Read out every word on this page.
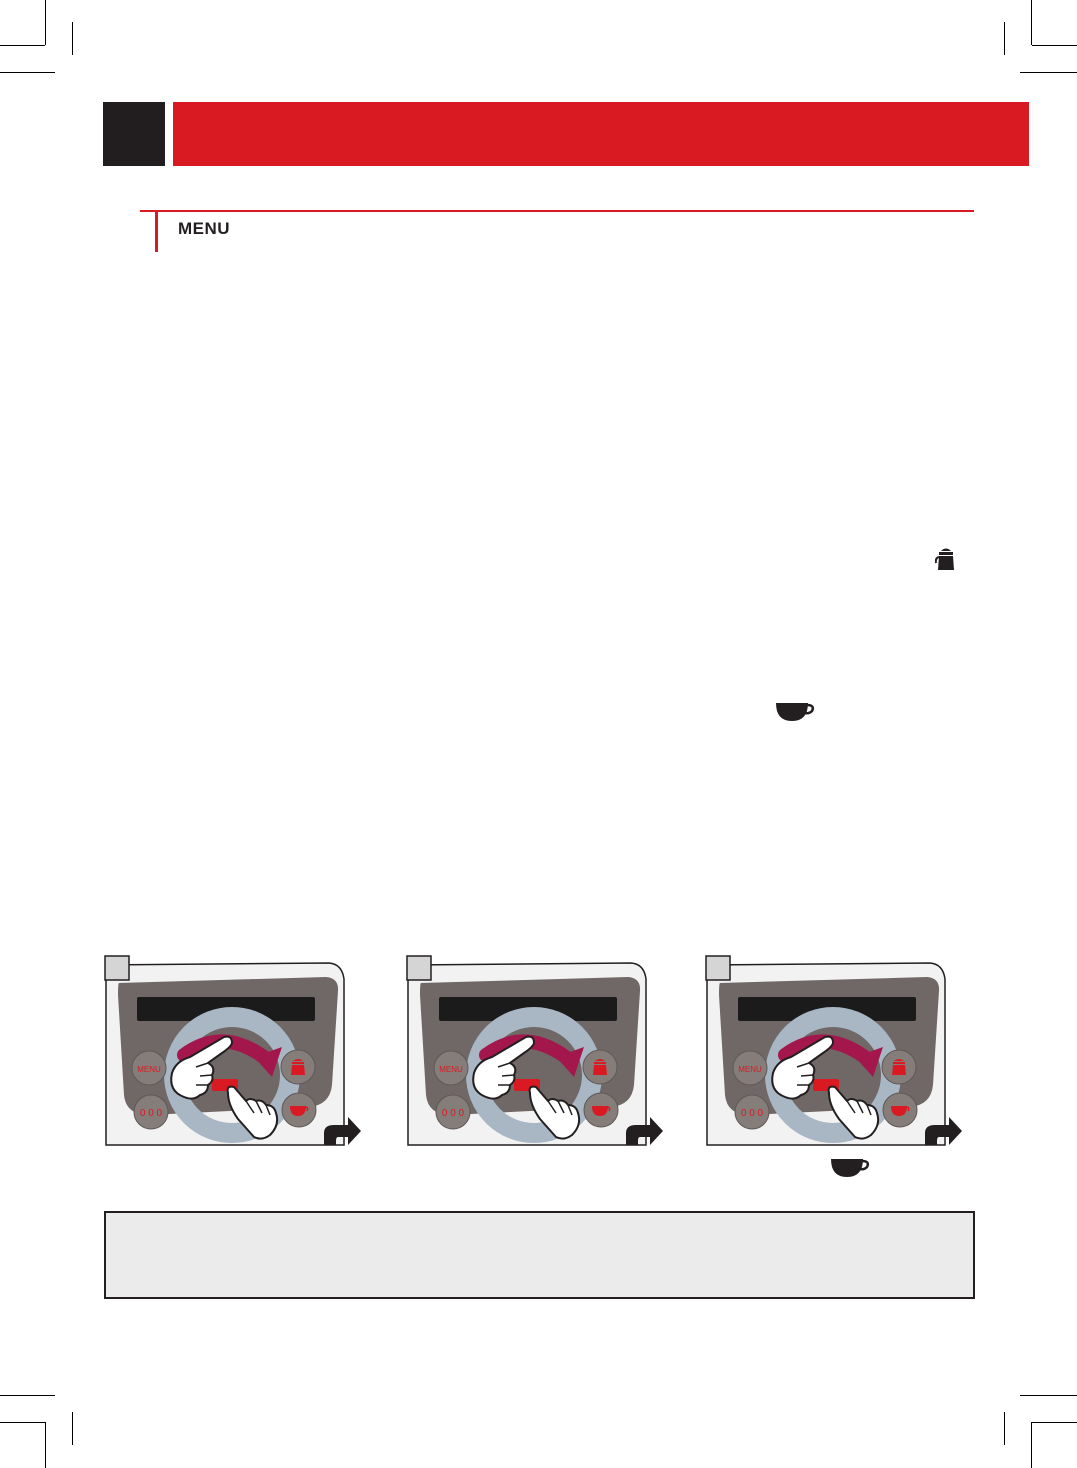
MENU
MENU
0 0 0
MENU
0 0 0
MENU
0 0 0
